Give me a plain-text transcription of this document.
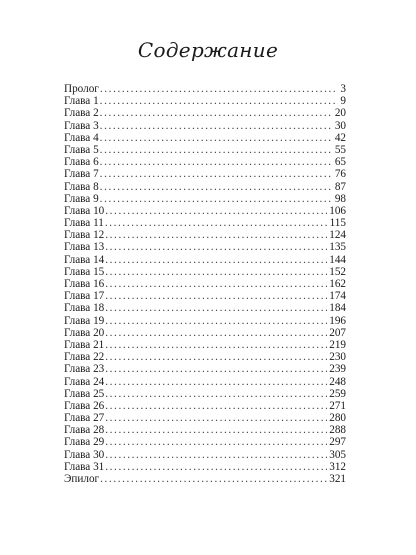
Содержание
Пролог .....	3
Глава 1 .....	9
Глава 2 .....	20
Глава 3 .....	30
Глава 4 .....	42
Глава 5 .....	55
Глава 6 .....	65
Глава 7 .....	76
Глава 8 .....	87
Глава 9 .....	98
Глава 10 .....	106
Глава 11 .....	115
Глава 12 .....	124
Глава 13 .....	135
Глава 14 .....	144
Глава 15 .....	152
Глава 16 .....	162
Глава 17 .....	174
Глава 18 .....	184
Глава 19 .....	196
Глава 20 .....	207
Глава 21 .....	219
Глава 22 .....	230
Глава 23 .....	239
Глава 24 .....	248
Глава 25 .....	259
Глава 26 .....	271
Глава 27 .....	280
Глава 28 .....	288
Глава 29 .....	297
Глава 30 .....	305
Глава 31 .....	312
Эпилог .....	321
